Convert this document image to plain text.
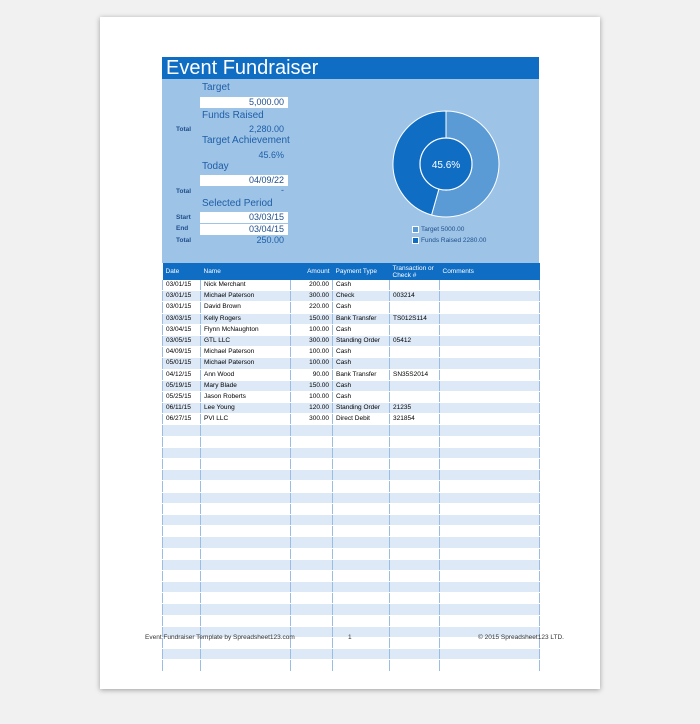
Event Fundraiser
Target
5,000.00
Funds Raised
Total	2,280.00
Target Achievement
45.6%
Today
04/09/22
Total	-
Selected Period
Start	03/03/15
End	03/04/15
Total	250.00
45.6%
Target 5000.00
Funds Raised 2280.00
Date	Name	Amount	Payment Type	Transaction or Check #	Comments
03/01/15	Nick Merchant	200.00	Cash		
03/01/15	Michael Paterson	300.00	Check	003214	
03/01/15	David Brown	220.00	Cash		
03/03/15	Kelly Rogers	150.00	Bank Transfer	TS012S114	
03/04/15	Flynn McNaughton	100.00	Cash		
03/05/15	GTL LLC	300.00	Standing Order	05412	
04/09/15	Michael Paterson	100.00	Cash		
05/01/15	Michael Paterson	100.00	Cash		
04/12/15	Ann Wood	90.00	Bank Transfer	SN35S2014	
05/19/15	Mary Blade	150.00	Cash		
05/25/15	Jason Roberts	100.00	Cash		
06/11/15	Lee Young	120.00	Standing Order	21235	
06/27/15	PVI LLC	300.00	Direct Debit	321854	

Event Fundraiser Template by Spreadsheet123.com	1	© 2015 Spreadsheet123 LTD.
